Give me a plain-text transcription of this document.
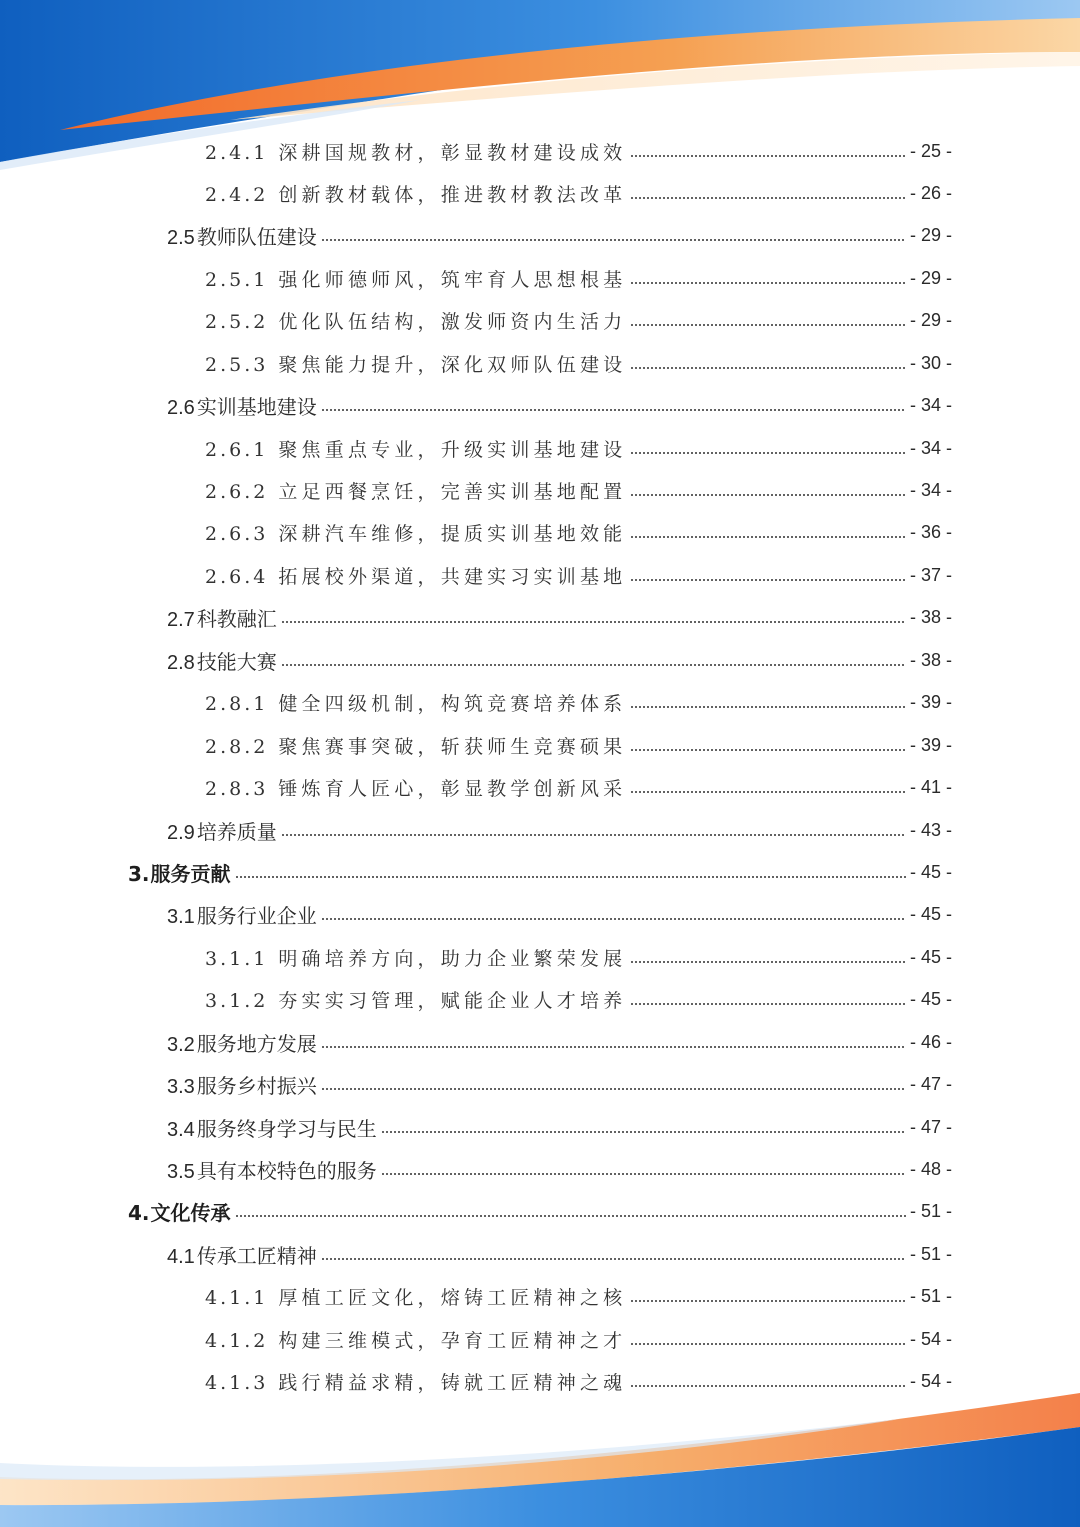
2.4.1 深耕国规教材，彰显教材建设成效	- 25 -
2.4.2 创新教材载体，推进教材教法改革	- 26 -
2.5 教师队伍建设	- 29 -
2.5.1 强化师德师风，筑牢育人思想根基	- 29 -
2.5.2 优化队伍结构，激发师资内生活力	- 29 -
2.5.3 聚焦能力提升，深化双师队伍建设	- 30 -
2.6 实训基地建设	- 34 -
2.6.1 聚焦重点专业，升级实训基地建设	- 34 -
2.6.2 立足西餐烹饪，完善实训基地配置	- 34 -
2.6.3 深耕汽车维修，提质实训基地效能	- 36 -
2.6.4 拓展校外渠道，共建实习实训基地	- 37 -
2.7 科教融汇	- 38 -
2.8 技能大赛	- 38 -
2.8.1 健全四级机制，构筑竞赛培养体系	- 39 -
2.8.2 聚焦赛事突破，斩获师生竞赛硕果	- 39 -
2.8.3 锤炼育人匠心，彰显教学创新风采	- 41 -
2.9 培养质量	- 43 -
3.服务贡献	- 45 -
3.1 服务行业企业	- 45 -
3.1.1 明确培养方向，助力企业繁荣发展	- 45 -
3.1.2 夯实实习管理，赋能企业人才培养	- 45 -
3.2 服务地方发展	- 46 -
3.3 服务乡村振兴	- 47 -
3.4 服务终身学习与民生	- 47 -
3.5 具有本校特色的服务	- 48 -
4.文化传承	- 51 -
4.1 传承工匠精神	- 51 -
4.1.1 厚植工匠文化，熔铸工匠精神之核	- 51 -
4.1.2 构建三维模式，孕育工匠精神之才	- 54 -
4.1.3 践行精益求精，铸就工匠精神之魂	- 54 -
